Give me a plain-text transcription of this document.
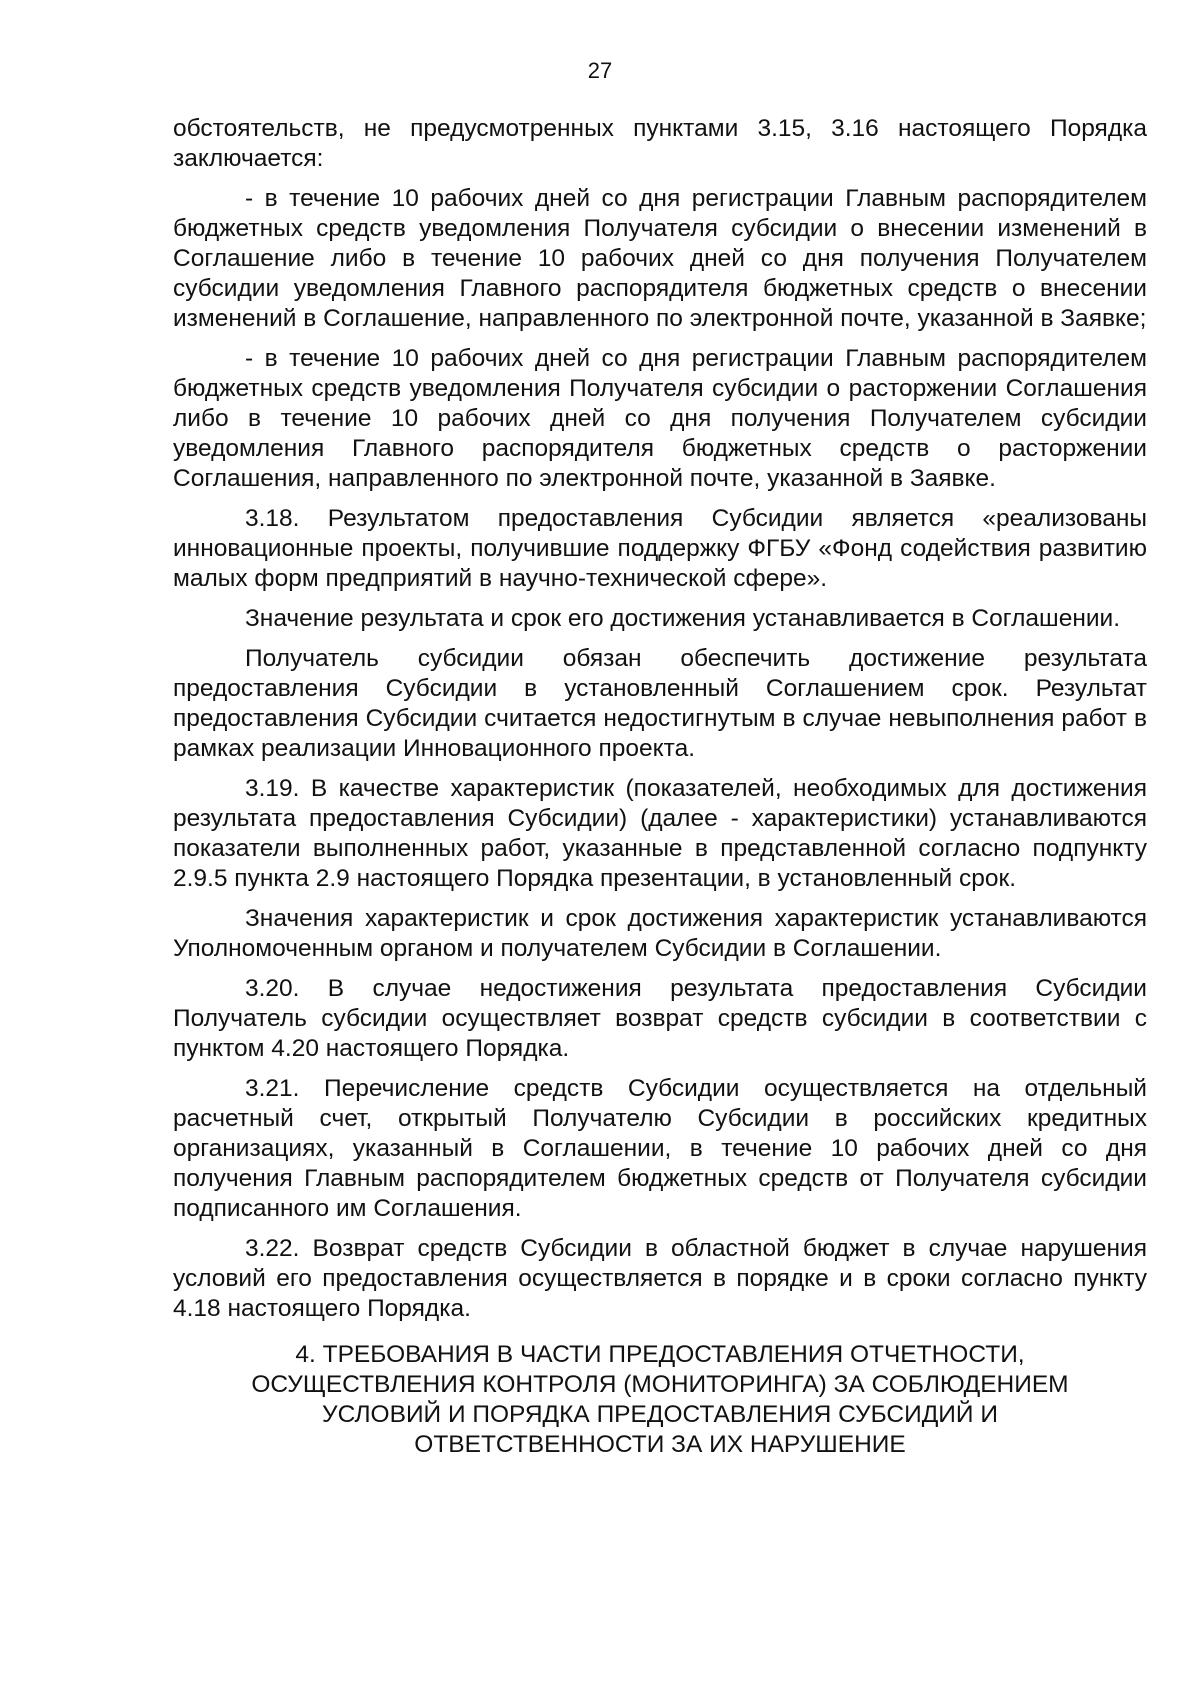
27

обстоятельств, не предусмотренных пунктами 3.15, 3.16 настоящего Порядка заключается:

- в течение 10 рабочих дней со дня регистрации Главным распорядителем бюджетных средств уведомления Получателя субсидии о внесении изменений в Соглашение либо в течение 10 рабочих дней со дня получения Получателем субсидии уведомления Главного распорядителя бюджетных средств о внесении изменений в Соглашение, направленного по электронной почте, указанной в Заявке;

- в течение 10 рабочих дней со дня регистрации Главным распорядителем бюджетных средств уведомления Получателя субсидии о расторжении Соглашения либо в течение 10 рабочих дней со дня получения Получателем субсидии уведомления Главного распорядителя бюджетных средств о расторжении Соглашения, направленного по электронной почте, указанной в Заявке.

3.18. Результатом предоставления Субсидии является «реализованы инновационные проекты, получившие поддержку ФГБУ «Фонд содействия развитию малых форм предприятий в научно-технической сфере».

Значение результата и срок его достижения устанавливается в Соглашении.

Получатель субсидии обязан обеспечить достижение результата предоставления Субсидии в установленный Соглашением срок. Результат предоставления Субсидии считается недостигнутым в случае невыполнения работ в рамках реализации Инновационного проекта.

3.19. В качестве характеристик (показателей, необходимых для достижения результата предоставления Субсидии) (далее - характеристики) устанавливаются показатели выполненных работ, указанные в представленной согласно подпункту 2.9.5 пункта 2.9 настоящего Порядка презентации, в установленный срок.

Значения характеристик и срок достижения характеристик устанавливаются Уполномоченным органом и получателем Субсидии в Соглашении.

3.20. В случае недостижения результата предоставления Субсидии Получатель субсидии осуществляет возврат средств субсидии в соответствии с пунктом 4.20 настоящего Порядка.

3.21. Перечисление средств Субсидии осуществляется на отдельный расчетный счет, открытый Получателю Субсидии в российских кредитных организациях, указанный в Соглашении, в течение 10 рабочих дней со дня получения Главным распорядителем бюджетных средств от Получателя субсидии подписанного им Соглашения.

3.22. Возврат средств Субсидии в областной бюджет в случае нарушения условий его предоставления осуществляется в порядке и в сроки согласно пункту 4.18 настоящего Порядка.

4. ТРЕБОВАНИЯ В ЧАСТИ ПРЕДОСТАВЛЕНИЯ ОТЧЕТНОСТИ,
ОСУЩЕСТВЛЕНИЯ КОНТРОЛЯ (МОНИТОРИНГА) ЗА СОБЛЮДЕНИЕМ
УСЛОВИЙ И ПОРЯДКА ПРЕДОСТАВЛЕНИЯ СУБСИДИЙ И
ОТВЕТСТВЕННОСТИ ЗА ИХ НАРУШЕНИЕ
